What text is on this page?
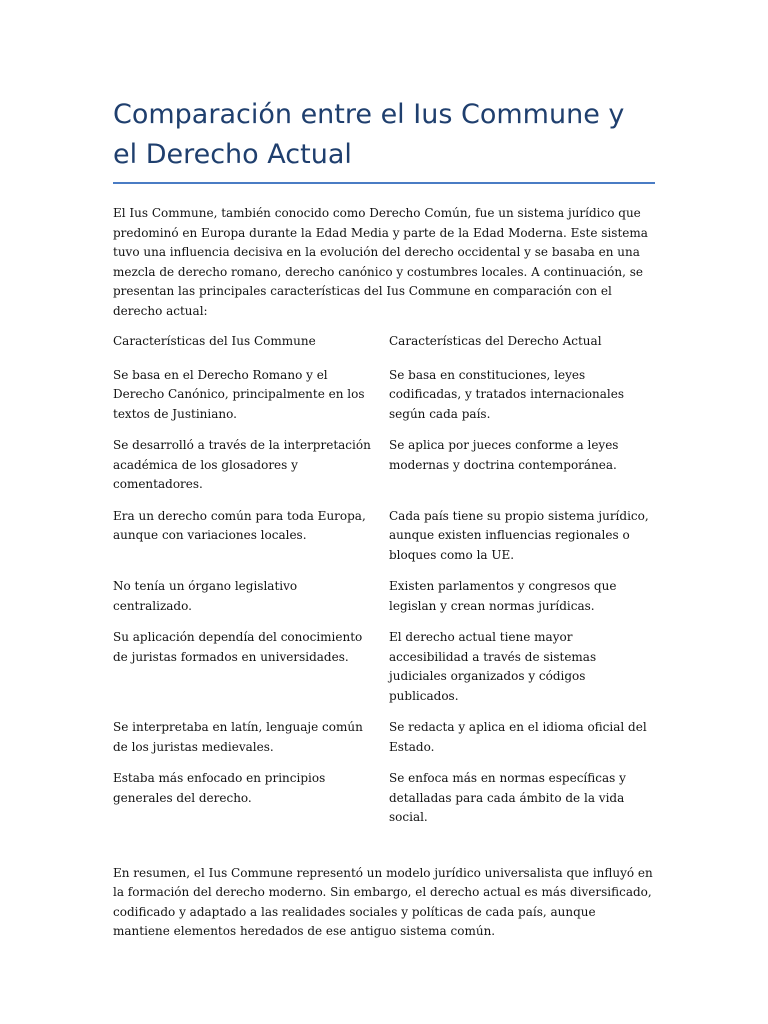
Comparación entre el Ius Commune y el Derecho Actual

El Ius Commune, también conocido como Derecho Común, fue un sistema jurídico que predominó en Europa durante la Edad Media y parte de la Edad Moderna. Este sistema tuvo una influencia decisiva en la evolución del derecho occidental y se basaba en una mezcla de derecho romano, derecho canónico y costumbres locales. A continuación, se presentan las principales características del Ius Commune en comparación con el derecho actual:

Características del Ius Commune	Características del Derecho Actual
Se basa en el Derecho Romano y el Derecho Canónico, principalmente en los textos de Justiniano.	Se basa en constituciones, leyes codificadas, y tratados internacionales según cada país.
Se desarrolló a través de la interpretación académica de los glosadores y comentadores.	Se aplica por jueces conforme a leyes modernas y doctrina contemporánea.
Era un derecho común para toda Europa, aunque con variaciones locales.	Cada país tiene su propio sistema jurídico, aunque existen influencias regionales o bloques como la UE.
No tenía un órgano legislativo centralizado.	Existen parlamentos y congresos que legislan y crean normas jurídicas.
Su aplicación dependía del conocimiento de juristas formados en universidades.	El derecho actual tiene mayor accesibilidad a través de sistemas judiciales organizados y códigos publicados.
Se interpretaba en latín, lenguaje común de los juristas medievales.	Se redacta y aplica en el idioma oficial del Estado.
Estaba más enfocado en principios generales del derecho.	Se enfoca más en normas específicas y detalladas para cada ámbito de la vida social.

En resumen, el Ius Commune representó un modelo jurídico universalista que influyó en la formación del derecho moderno. Sin embargo, el derecho actual es más diversificado, codificado y adaptado a las realidades sociales y políticas de cada país, aunque mantiene elementos heredados de ese antiguo sistema común.
